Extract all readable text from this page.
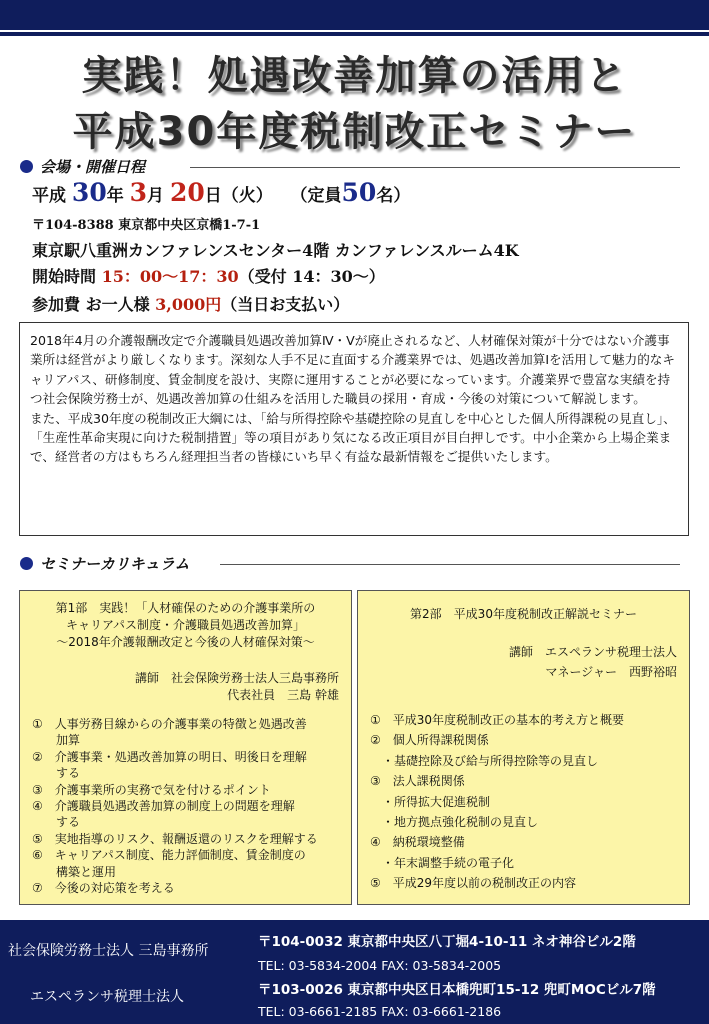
実践！処遇改善加算の活用と
平成30年度税制改正セミナー
会場・開催日程
平成 30年 3月 20日（火） （定員50名）
〒104-8388 東京都中央区京橋1-7-1
東京駅八重洲カンファレンスセンター4階 カンファレンスルーム4K
開始時間 15：00～17：30（受付 14：30～）
参加費 お一人様 3,000円（当日お支払い）

2018年4月の介護報酬改定で介護職員処遇改善加算Ⅳ・Ⅴが廃止されるなど、人材確保対策が十分ではない介護事業所は経営がより厳しくなります。深刻な人手不足に直面する介護業界では、処遇改善加算Ⅰを活用して魅力的なキャリアパス、研修制度、賃金制度を設け、実際に運用することが必要になっています。介護業界で豊富な実績を持つ社会保険労務士が、処遇改善加算の仕組みを活用した職員の採用・育成・今後の対策について解説します。

また、平成30年度の税制改正大綱には、「給与所得控除や基礎控除の見直しを中心とした個人所得課税の見直し」、「生産性革命実現に向けた税制措置」等の項目があり気になる改正項目が目白押しです。中小企業から上場企業まで、経営者の方はもちろん経理担当者の皆様にいち早く有益な最新情報をご提供いたします。

セミナーカリキュラム
第1部　実践！「人材確保のための介護事業所の
キャリアパス制度・介護職員処遇改善加算」
～2018年介護報酬改定と今後の人材確保対策～
講師　社会保険労務士法人三島事務所
代表社員　三島 幹雄
①　人事労務目線からの介護事業の特徴と処遇改善
　　加算
②　介護事業・処遇改善加算の明日、明後日を理解
　　する
③　介護事業所の実務で気を付けるポイント
④　介護職員処遇改善加算の制度上の問題を理解
　　する
⑤　実地指導のリスク、報酬返還のリスクを理解する
⑥　キャリアパス制度、能力評価制度、賃金制度の
　　構築と運用
⑦　今後の対応策を考える
第2部　平成30年度税制改正解説セミナー
講師　エスペランサ税理士法人
マネージャー　西野裕昭
①　平成30年度税制改正の基本的考え方と概要
②　個人所得課税関係
　・基礎控除及び給与所得控除等の見直し
③　法人課税関係
　・所得拡大促進税制
　・地方拠点強化税制の見直し
④　納税環境整備
　・年末調整手続の電子化
⑤　平成29年度以前の税制改正の内容
社会保険労務士法人 三島事務所
エスペランサ税理士法人
〒104-0032 東京都中央区八丁堀4-10-11 ネオ神谷ビル2階
TEL: 03-5834-2004 FAX: 03-5834-2005
〒103-0026 東京都中央区日本橋兜町15-12 兜町MOCビル7階
TEL: 03-6661-2185 FAX: 03-6661-2186
